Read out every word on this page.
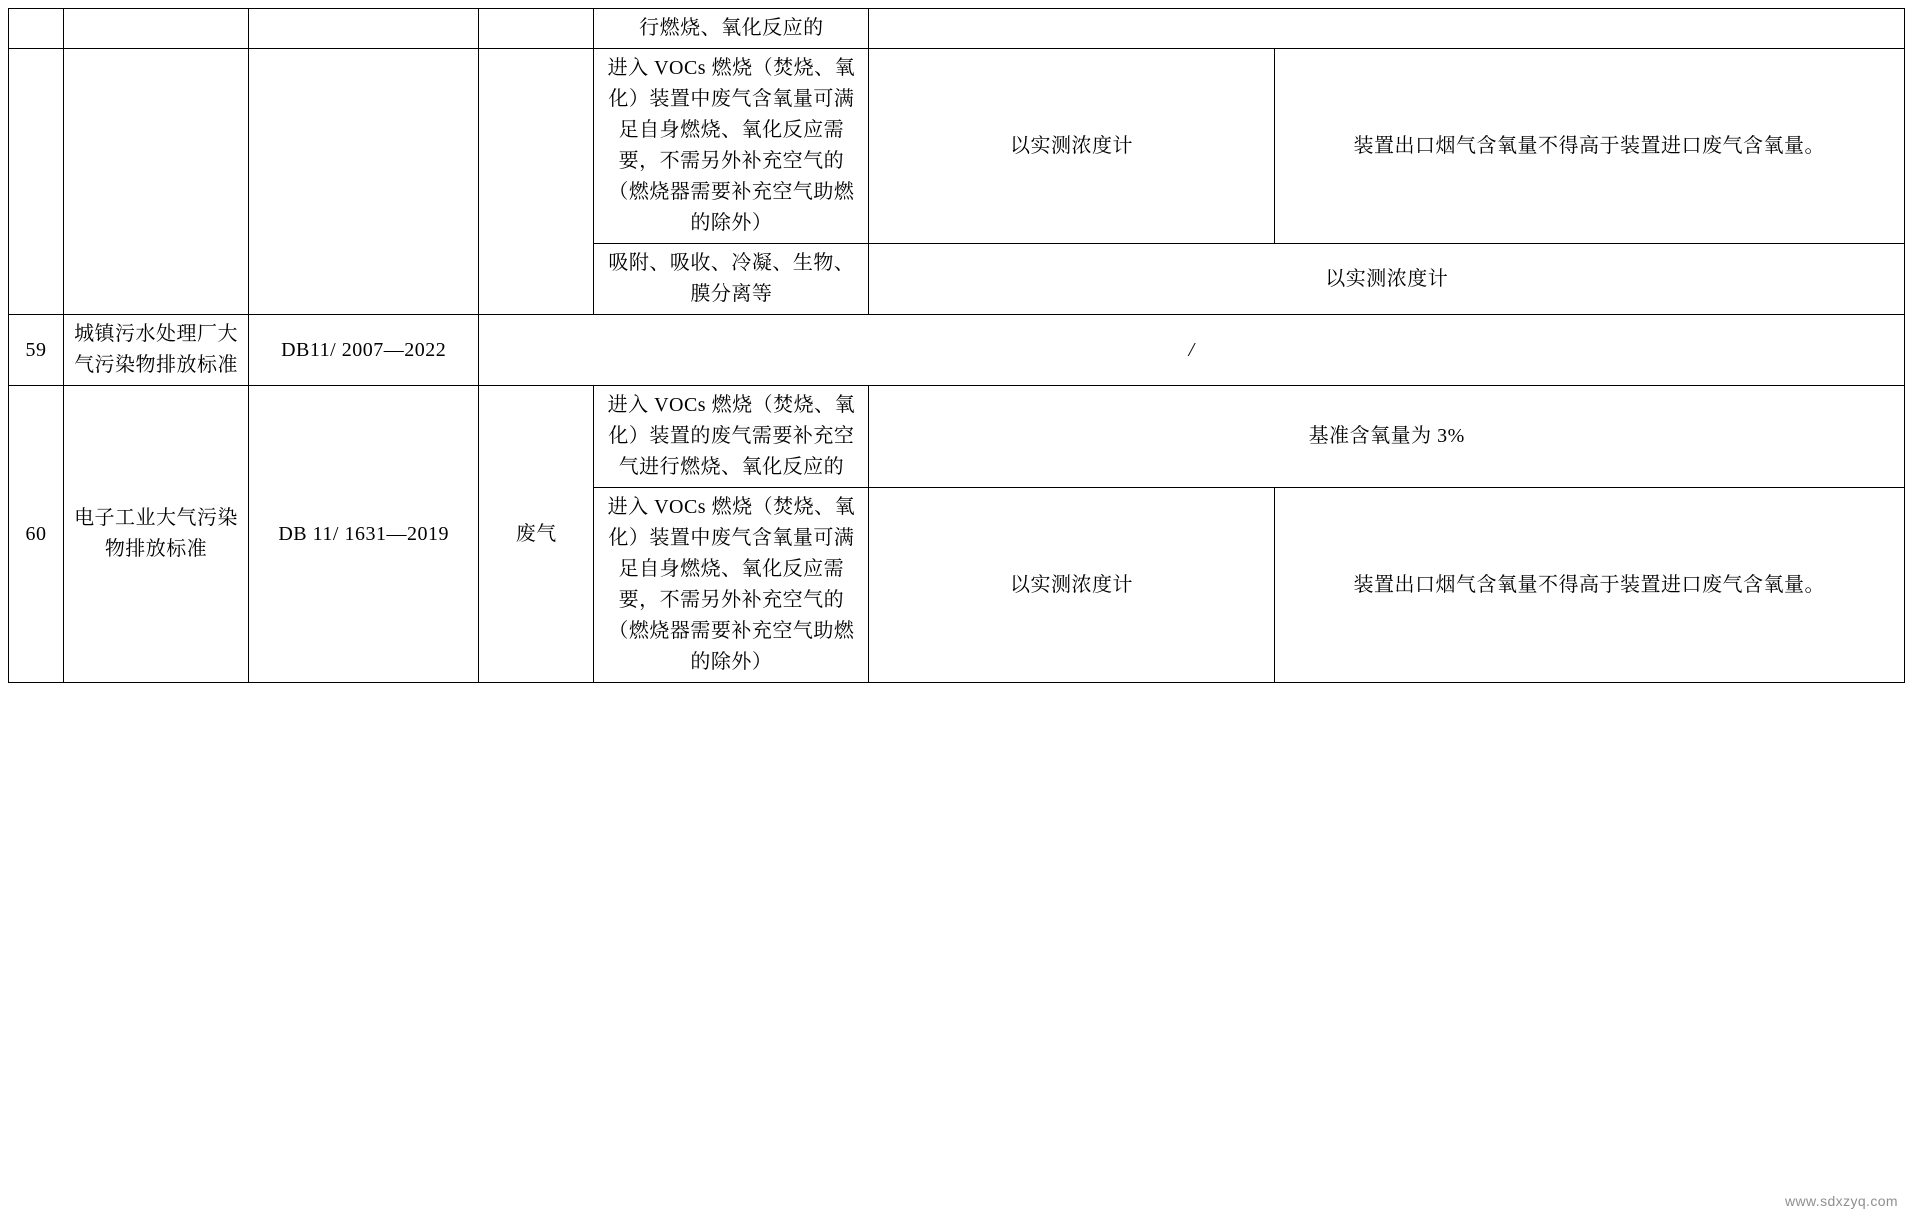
				行燃烧、氧化反应的		
				进入 VOCs 燃烧（焚烧、氧化）装置中废气含氧量可满足自身燃烧、氧化反应需要，不需另外补充空气的（燃烧器需要补充空气助燃的除外）	以实测浓度计	装置出口烟气含氧量不得高于装置进口废气含氧量。
				吸附、吸收、冷凝、生物、膜分离等	以实测浓度计	
59	城镇污水处理厂大气污染物排放标准	DB11/ 2007—2022	/			
60	电子工业大气污染物排放标准	DB 11/ 1631—2019	废气	进入 VOCs 燃烧（焚烧、氧化）装置的废气需要补充空气进行燃烧、氧化反应的	基准含氧量为 3%	
				进入 VOCs 燃烧（焚烧、氧化）装置中废气含氧量可满足自身燃烧、氧化反应需要，不需另外补充空气的（燃烧器需要补充空气助燃的除外）	以实测浓度计	装置出口烟气含氧量不得高于装置进口废气含氧量。
www.sdxzyq.com
